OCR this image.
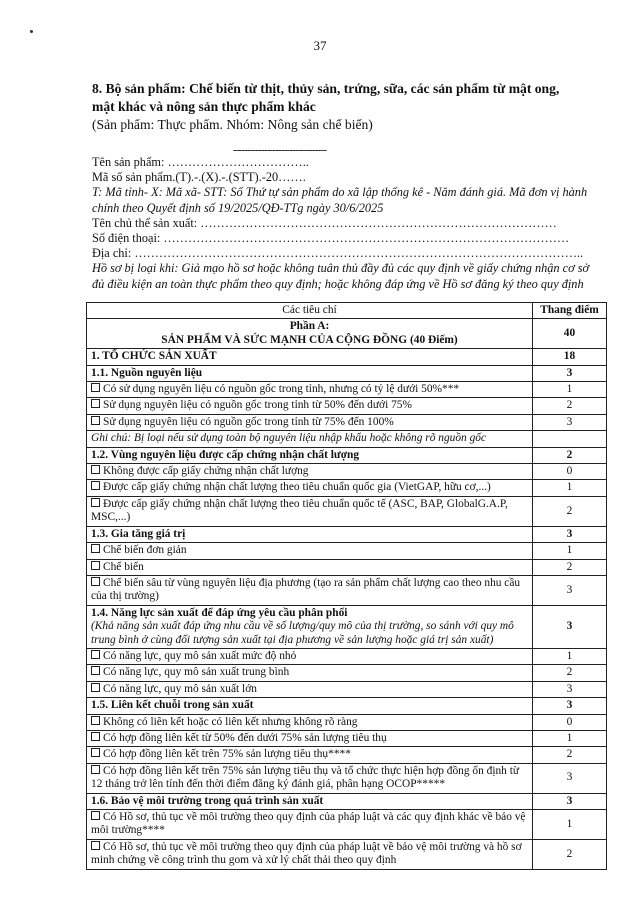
37
8. Bộ sản phẩm: Chế biến từ thịt, thủy sản, trứng, sữa, các sản phẩm từ mật ong,
mật khác và nông sản thực phẩm khác
(Sản phẩm: Thực phẩm. Nhóm: Nông sản chế biến)
---------------------------------
Tên sản phẩm: ……………………………..
Mã số sản phẩm.(T).-.(X).-.(STT).-20…….
T: Mã tỉnh- X: Mã xã- STT: Số Thứ tự sản phẩm do xã lập thống kê - Năm đánh giá. Mã đơn vị hành chính theo Quyết định số 19/2025/QĐ-TTg ngày 30/6/2025
Tên chủ thể sản xuất: ……………………………………………………………………………
Số điện thoại: ………………………………………………………………………………………
Địa chỉ: ………………………………………………………………………………………………..
Hồ sơ bị loại khi: Giả mạo hồ sơ hoặc không tuân thủ đầy đủ các quy định về giấy chứng nhận cơ sở đủ điều kiện an toàn thực phẩm theo quy định; hoặc không đáp ứng về Hồ sơ đăng ký theo quy định
Các tiêu chí	Thang điểm

Phần A:
SẢN PHẨM VÀ SỨC MẠNH CỦA CỘNG ĐỒNG (40 Điểm)	40
1. TỔ CHỨC SẢN XUẤT	18
1.1. Nguồn nguyên liệu	3
Có sử dụng nguyên liệu có nguồn gốc trong tỉnh, nhưng có tỷ lệ dưới 50%***	1
Sử dụng nguyên liệu có nguồn gốc trong tỉnh từ 50% đến dưới 75%	2
Sử dụng nguyên liệu có nguồn gốc trong tỉnh từ 75% đến 100%	3
Ghi chú: Bị loại nếu sử dụng toàn bộ nguyên liệu nhập khẩu hoặc không rõ nguồn gốc	
1.2. Vùng nguyên liệu được cấp chứng nhận chất lượng	2
Không được cấp giấy chứng nhận chất lượng	0
Được cấp giấy chứng nhận chất lượng theo tiêu chuẩn quốc gia (VietGAP, hữu cơ,...)	1
Được cấp giấy chứng nhận chất lượng theo tiêu chuẩn quốc tế (ASC, BAP, GlobalG.A.P, MSC,...)	2
1.3. Gia tăng giá trị	3
Chế biến đơn giản	1
Chế biến	2
Chế biến sâu từ vùng nguyên liệu địa phương (tạo ra sản phẩm chất lượng cao theo nhu cầu của thị trường)	3

1.4. Năng lực sản xuất để đáp ứng yêu cầu phân phối
(Khả năng sản xuất đáp ứng nhu cầu về số lượng/quy mô của thị trường, so sánh với quy mô trung bình ở cùng đối tượng sản xuất tại địa phương về sản lượng hoặc giá trị sản xuất)	3
Có năng lực, quy mô sản xuất mức độ nhỏ	1
Có năng lực, quy mô sản xuất trung bình	2
Có năng lực, quy mô sản xuất lớn	3
1.5. Liên kết chuỗi trong sản xuất	3
Không có liên kết hoặc có liên kết nhưng không rõ ràng	0
Có hợp đồng liên kết từ 50% đến dưới 75% sản lượng tiêu thụ	1
Có hợp đồng liên kết trên 75% sản lượng tiêu thụ****	2
Có hợp đồng liên kết trên 75% sản lượng tiêu thụ và tổ chức thực hiện hợp đồng ổn định từ 12 tháng trở lên tính đến thời điểm đăng ký đánh giá, phân hạng OCOP*****	3
1.6. Bảo vệ môi trường trong quá trình sản xuất	3
Có Hồ sơ, thủ tục về môi trường theo quy định của pháp luật và các quy định khác về bảo vệ môi trường****	1
Có Hồ sơ, thủ tục về môi trường theo quy định của pháp luật về bảo vệ môi trường và hồ sơ minh chứng về công trình thu gom và xử lý chất thải theo quy định	2
